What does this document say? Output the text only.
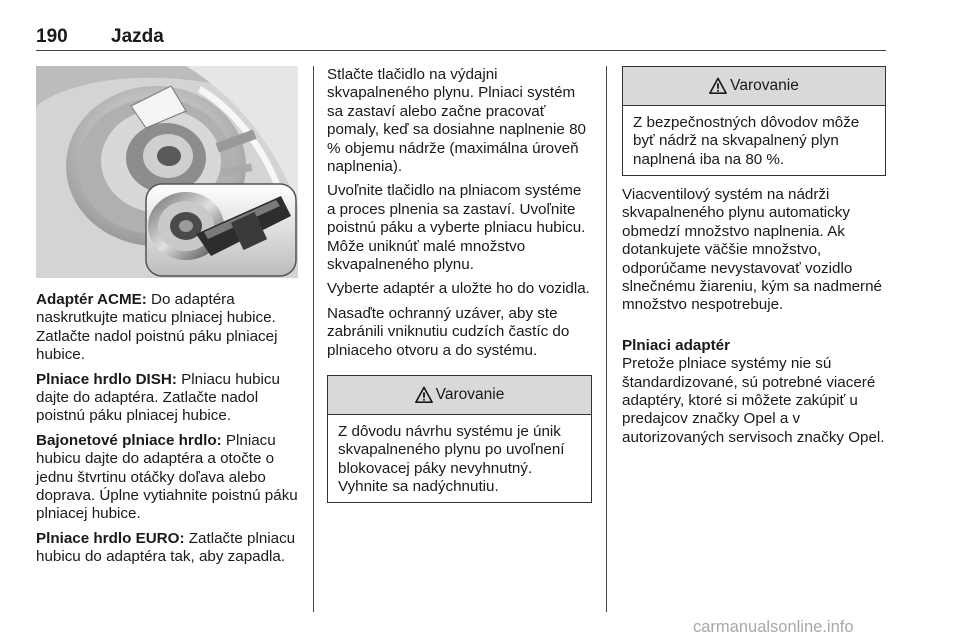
190 Jazda

Adaptér ACME: Do adaptéra naskrutkujte maticu plniacej hubice. Zatlačte nadol poistnú páku plniacej hubice.

Plniace hrdlo DISH: Plniacu hubicu dajte do adaptéra. Zatlačte nadol poistnú páku plniacej hubice.

Bajonetové plniace hrdlo: Plniacu hubicu dajte do adaptéra a otočte o jednu štvrtinu otáčky doľava alebo doprava. Úplne vytiahnite poistnú páku plniacej hubice.

Plniace hrdlo EURO: Zatlačte plniacu hubicu do adaptéra tak, aby zapadla.

Stlačte tlačidlo na výdajni skvapalneného plynu. Plniaci systém sa zastaví alebo začne pracovať pomaly, keď sa dosiahne naplnenie 80 % objemu nádrže (maximálna úroveň naplnenia).

Uvoľnite tlačidlo na plniacom systéme a proces plnenia sa zastaví. Uvoľnite poistnú páku a vyberte plniacu hubicu. Môže uniknúť malé množstvo skvapalneného plynu.

Vyberte adaptér a uložte ho do vozidla.

Nasaďte ochranný uzáver, aby ste zabránili vniknutiu cudzích častíc do plniaceho otvoru a do systému.

Varovanie
Z dôvodu návrhu systému je únik skvapalneného plynu po uvoľnení blokovacej páky nevyhnutný. Vyhnite sa nadýchnutiu.
Varovanie
Z bezpečnostných dôvodov môže byť nádrž na skvapalnený plyn naplnená iba na 80 %.

Viacventilový systém na nádrži skvapalneného plynu automaticky obmedzí množstvo naplnenia. Ak dotankujete väčšie množstvo, odporúčame nevystavovať vozidlo slnečnému žiareniu, kým sa nadmerné množstvo nespotrebuje.

Plniaci adaptér

Pretože plniace systémy nie sú štandardizované, sú potrebné viaceré adaptéry, ktoré si môžete zakúpiť u predajcov značky Opel a v autorizovaných servisoch značky Opel.

carmanualsonline.info
